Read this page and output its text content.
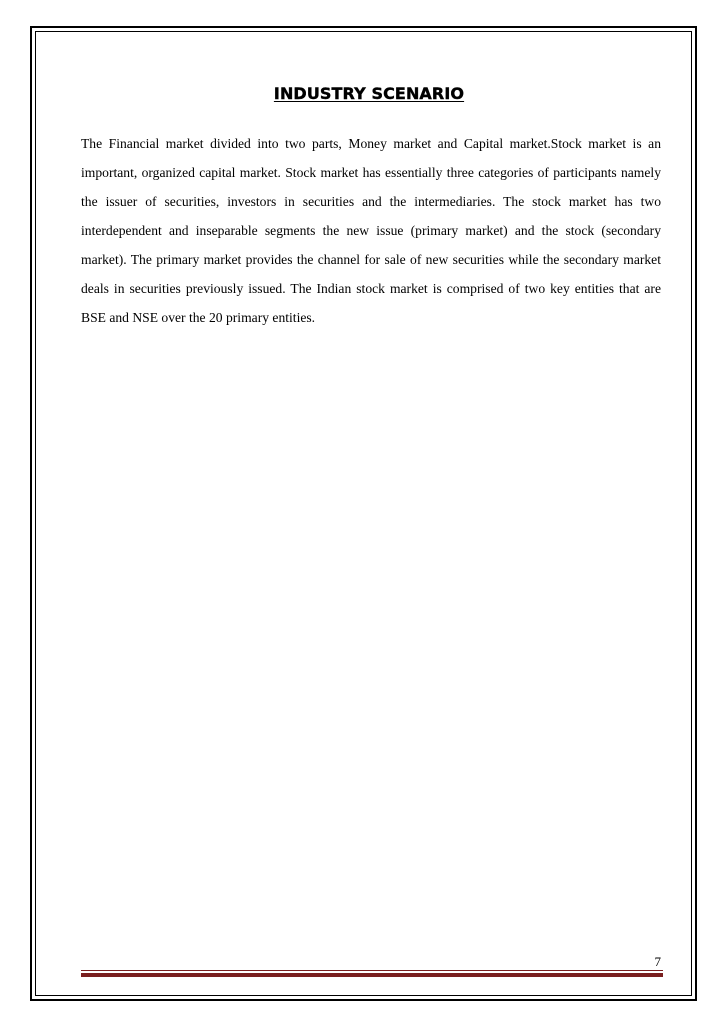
INDUSTRY SCENARIO

The Financial market divided into two parts, Money market and Capital market.Stock market is an important, organized capital market. Stock market has essentially three categories of participants namely the issuer of securities, investors in securities and the intermediaries. The stock market has two interdependent and inseparable segments the new issue (primary market) and the stock (secondary market). The primary market provides the channel for sale of new securities while the secondary market deals in securities previously issued. The Indian stock market is comprised of two key entities that are BSE and NSE over the 20 primary entities.

7
